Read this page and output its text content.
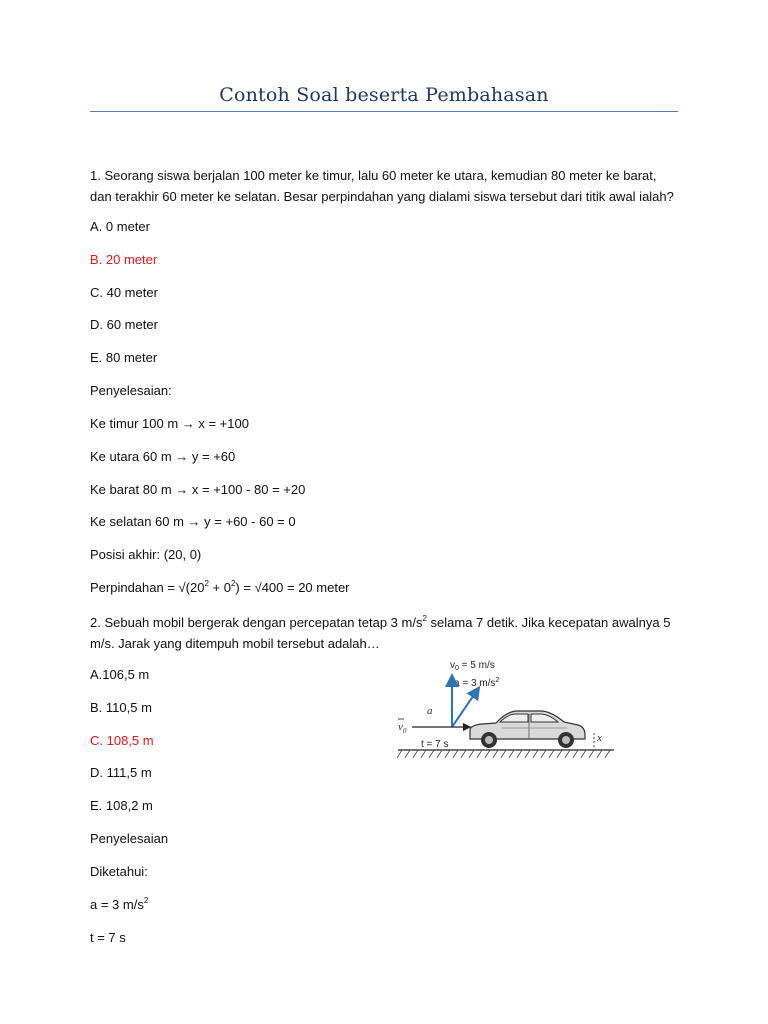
Contoh Soal beserta Pembahasan
1. Seorang siswa berjalan 100 meter ke timur, lalu 60 meter ke utara, kemudian 80 meter ke barat, dan terakhir 60 meter ke selatan. Besar perpindahan yang dialami siswa tersebut dari titik awal ialah?
A. 0 meter
B. 20 meter
C. 40 meter
D. 60 meter
E. 80 meter
Penyelesaian:
Ke timur 100 m → x = +100
Ke utara 60 m → y = +60
Ke barat 80 m → x = +100 - 80 = +20
Ke selatan 60 m → y = +60 - 60 = 0
Posisi akhir: (20, 0)
Perpindahan = $√(20^2 + 0^2) = √400 = 20$ meter
2. Sebuah mobil bergerak dengan percepatan tetap 3 $m/s^2$ selama 7 detik. Jika kecepatan awalnya 5 m/s. Jarak yang ditempuh mobil tersebut adalah…
A.106,5 m
B. 110,5 m
C. 108,5 m
D. 111,5 m
E. 108,2 m
Penyelesaian
Diketahui:
a = 3 $m/s^2$
t = 7 s
$v_0 = 5$ m/s
a = 3 $m/s^2$
a
$v_0$
t = 7 s
x
